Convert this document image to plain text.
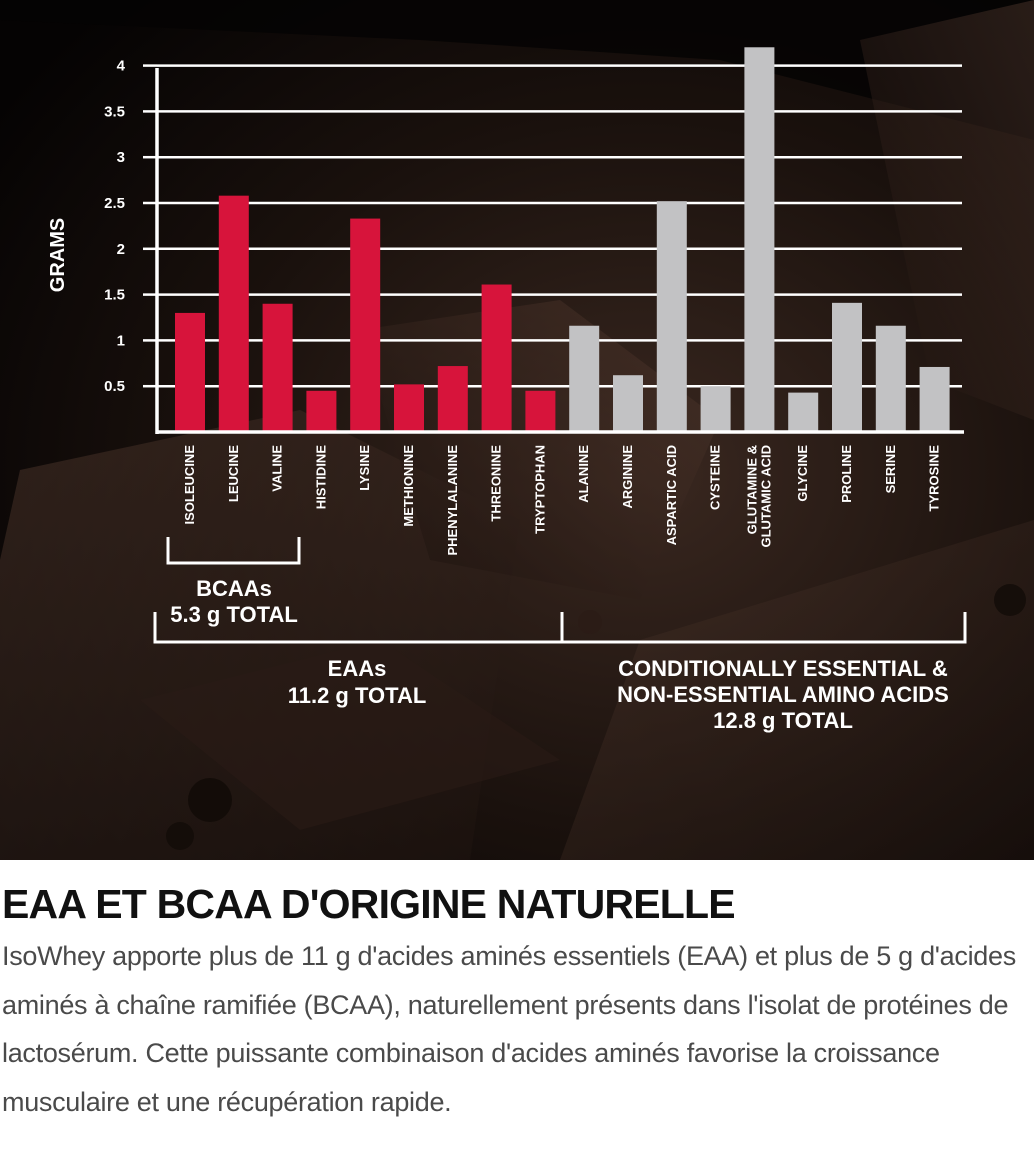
0.5
1
1.5
2
2.5
3
3.5
4
ISOLEUCINE LEUCINE VALINE HISTIDINE LYSINE METHIONINE PHENYLALANINE THREONINE TRYPTOPHAN ALANINE ARGININE ASPARTIC ACID CYSTEINE GLUTAMINE &GLUTAMIC ACID GLYCINE PROLINE SERINE TYROSINE
BCAAs
5.3 g TOTAL
EAAs
11.2 g TOTAL
CONDITIONALLY ESSENTIAL &
NON-ESSENTIAL AMINO ACIDS
12.8 g TOTAL
GRAMS
EAA ET BCAA D'ORIGINE NATURELLE

IsoWhey apporte plus de 11 g d'acides aminés essentiels (EAA) et plus de 5 g d'acides aminés à chaîne ramifiée (BCAA), naturellement présents dans l'isolat de protéines de lactosérum. Cette puissante combinaison d'acides aminés favorise la croissance musculaire et une récupération rapide.
